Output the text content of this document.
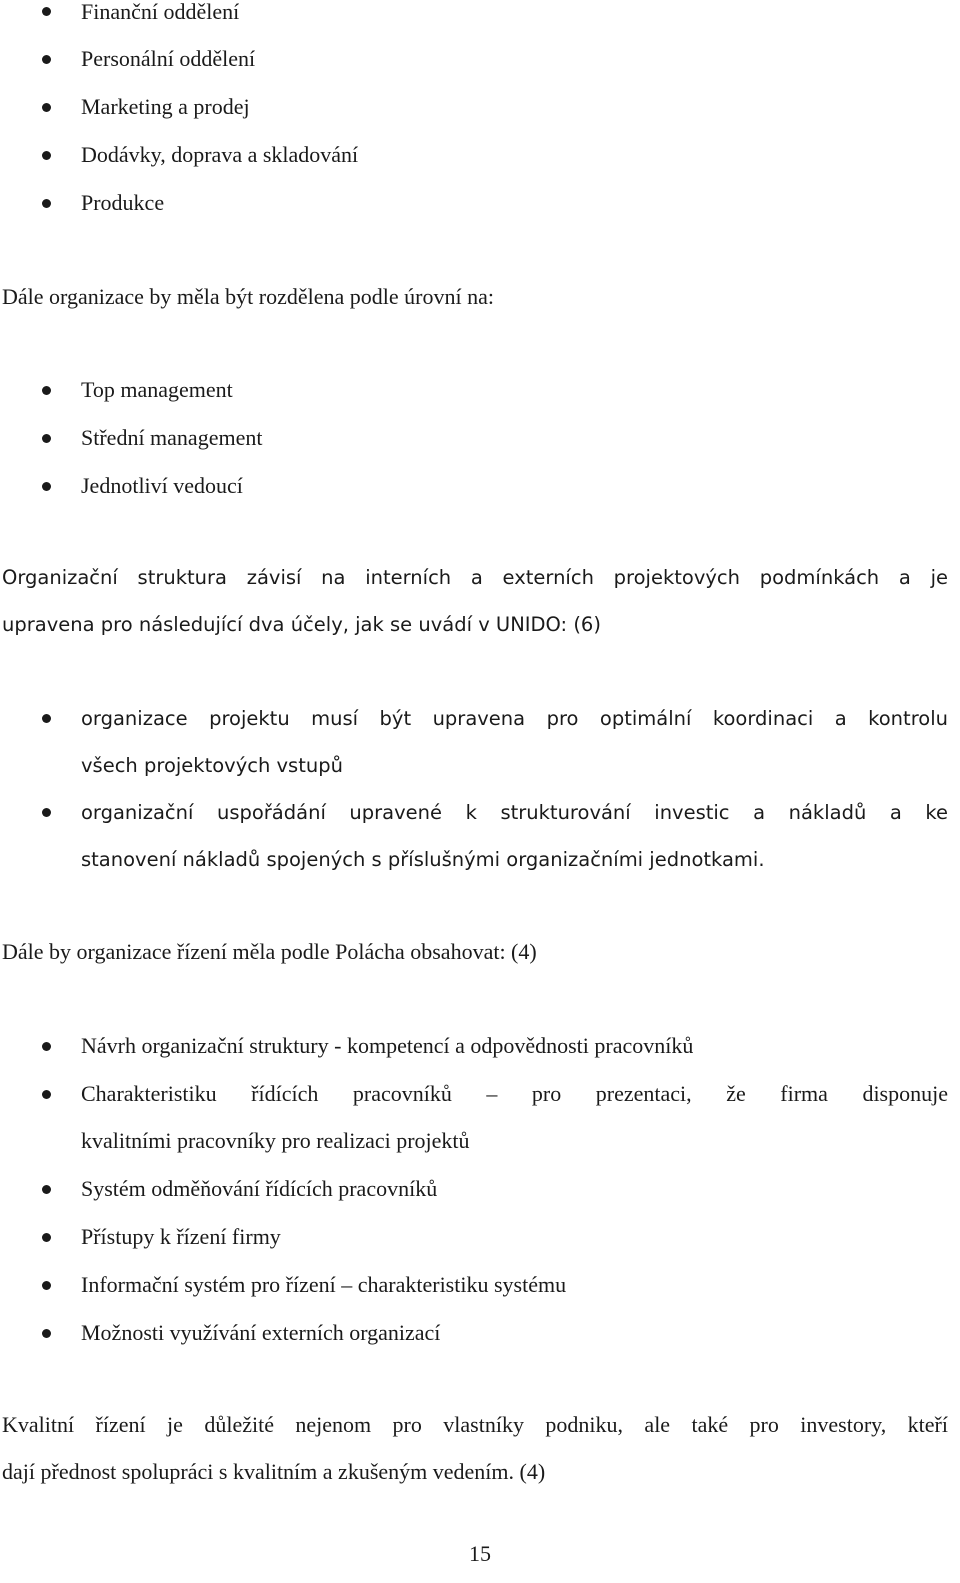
Finanční oddělení
Personální oddělení
Marketing a prodej
Dodávky, doprava a skladování
Produkce
Dále organizace by měla být rozdělena podle úrovní na:
Top management
Střední management
Jednotliví vedoucí
Organizační struktura závisí na interních a externích projektových podmínkách a je
upravena pro následující dva účely, jak se uvádí v UNIDO: (6)
organizace projektu musí být upravena pro optimální koordinaci a kontrolu
všech projektových vstupů
organizační uspořádání upravené k strukturování investic a nákladů a ke
stanovení nákladů spojených s příslušnými organizačními jednotkami.
Dále by organizace řízení měla podle Polácha obsahovat: (4)
Návrh organizační struktury - kompetencí a odpovědnosti pracovníků
Charakteristiku řídících pracovníků – pro prezentaci, že firma disponuje
kvalitními pracovníky pro realizaci projektů
Systém odměňování řídících pracovníků
Přístupy k řízení firmy
Informační systém pro řízení – charakteristiku systému
Možnosti využívání externích organizací
Kvalitní řízení je důležité nejenom pro vlastníky podniku, ale také pro investory, kteří
dají přednost spolupráci s kvalitním a zkušeným vedením. (4)
15
